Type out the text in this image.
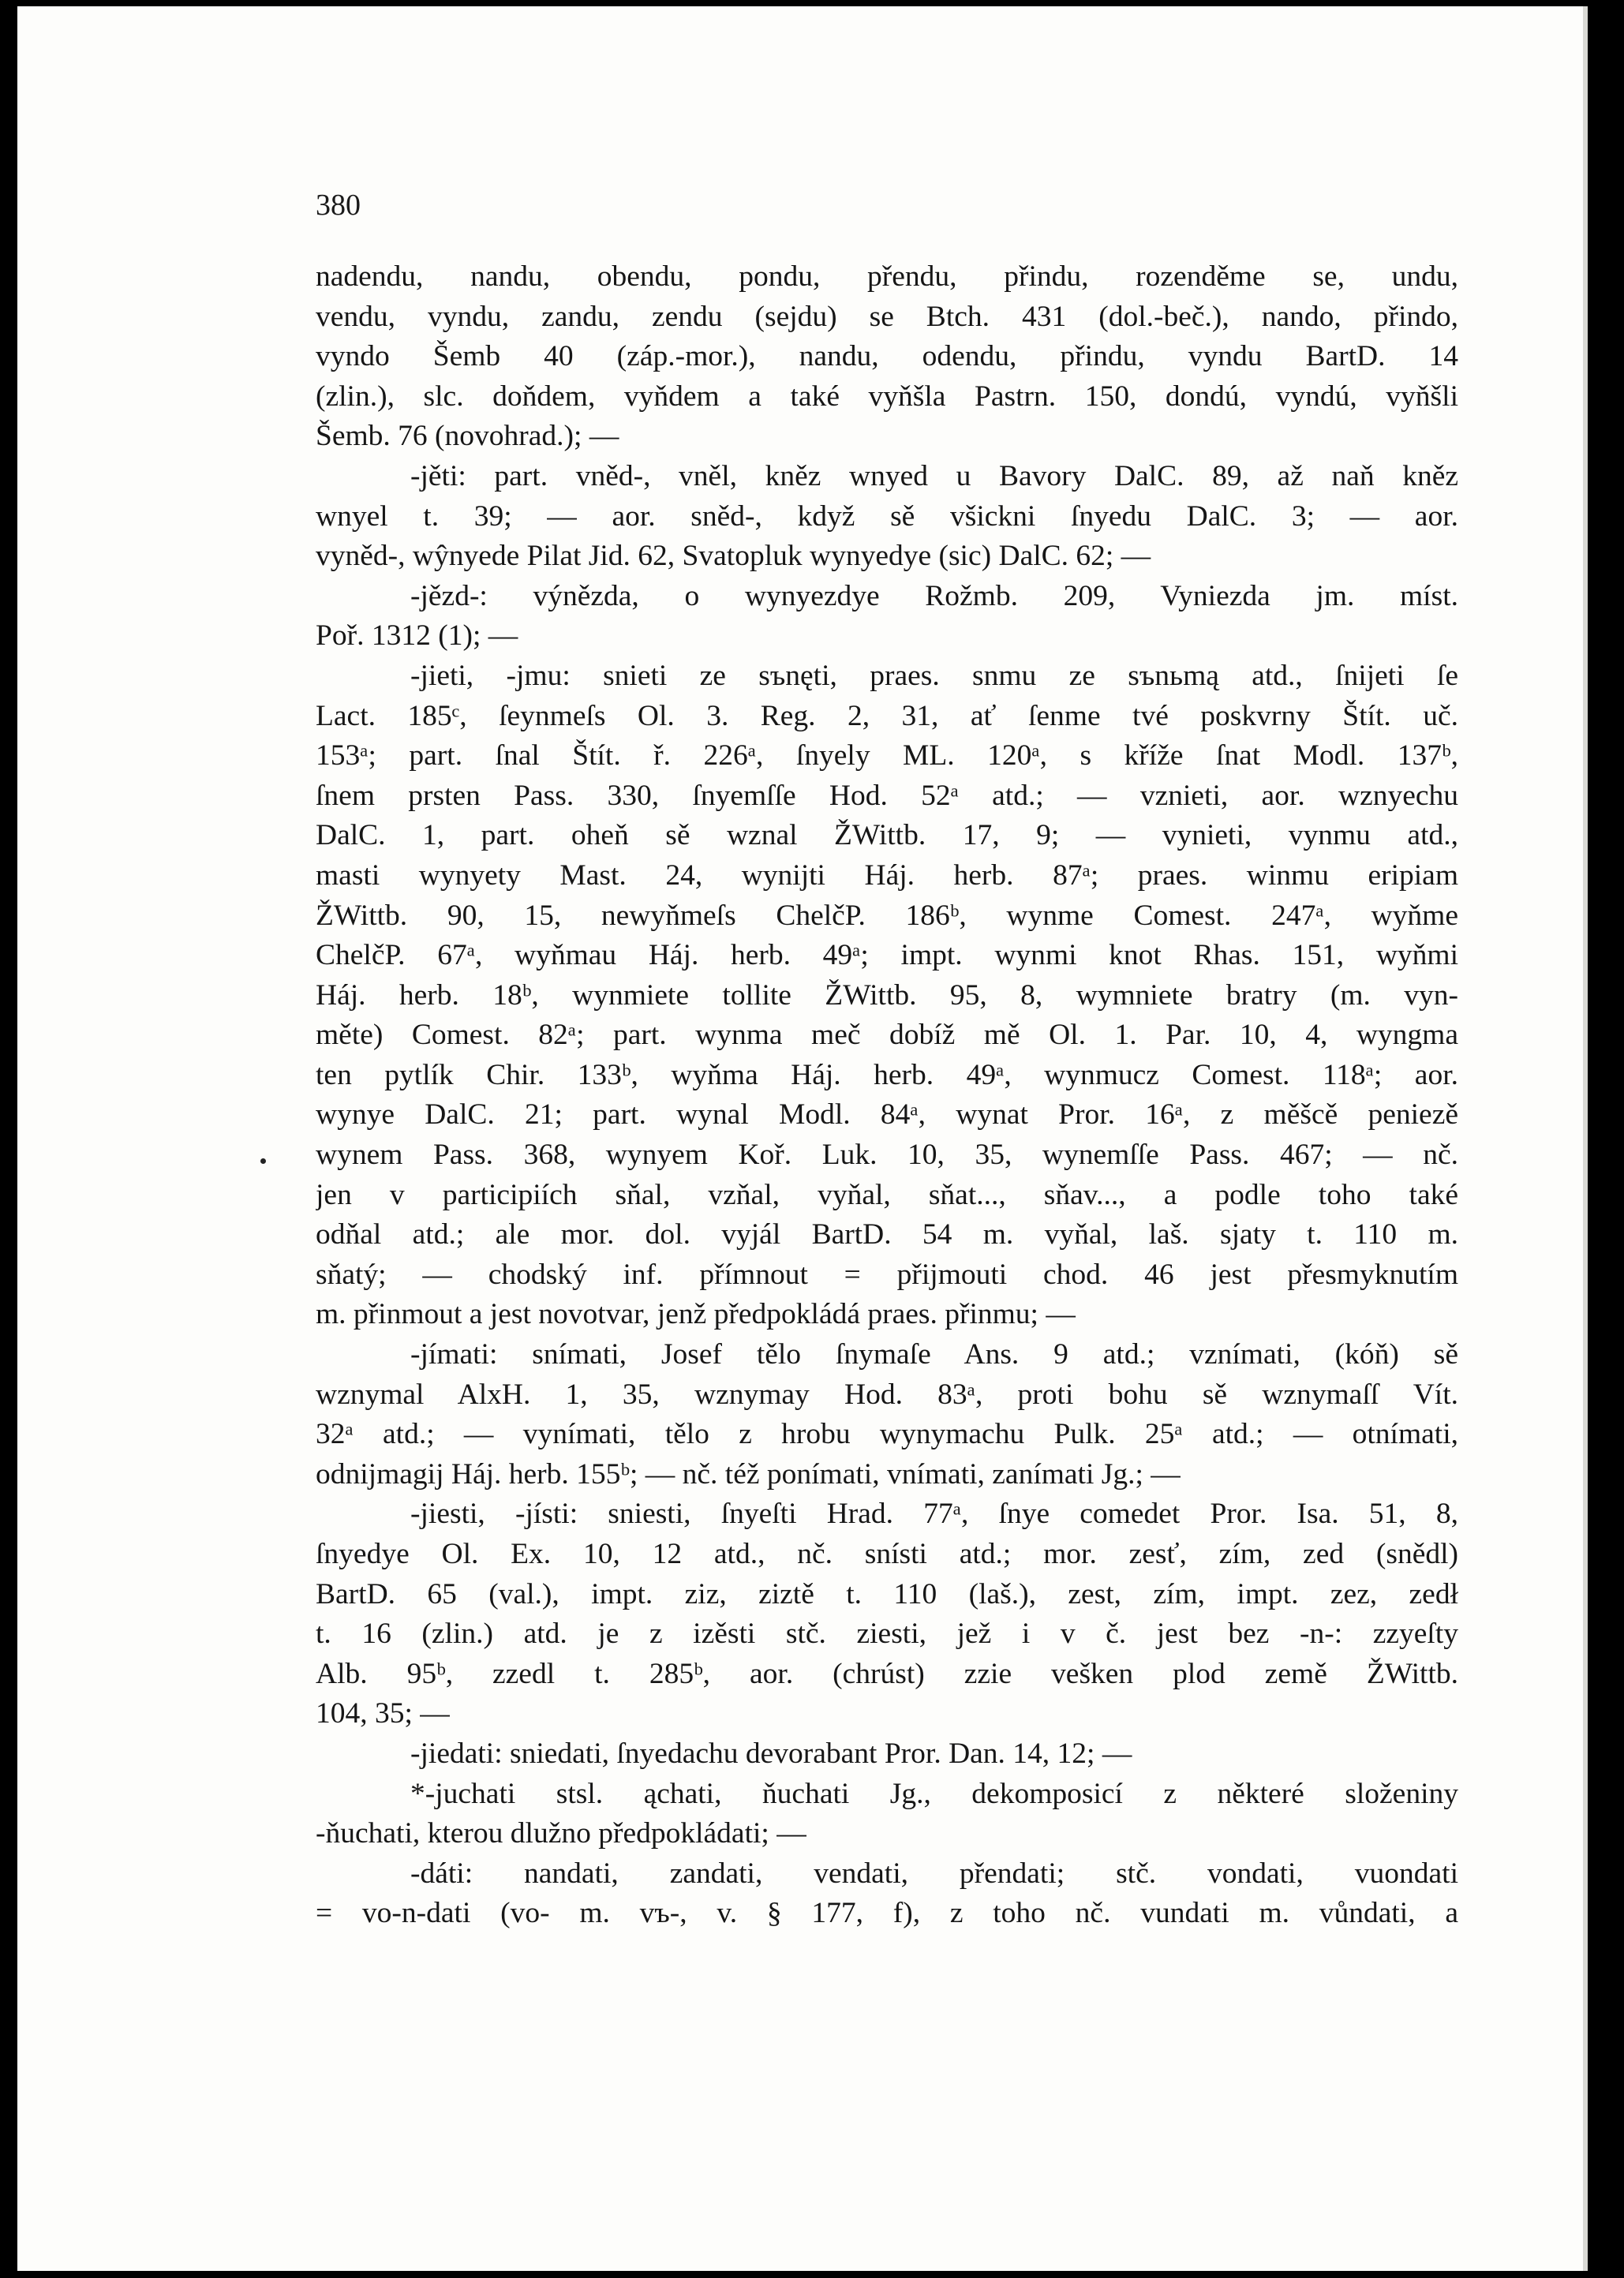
380
nadendu, nandu, obendu, pondu, přendu, přindu, rozenděme se, undu,
vendu, vyndu, zandu, zendu (sejdu) se Btch. 431 (dol.-beč.), nando, přindo,
vyndo Šemb 40 (záp.-mor.), nandu, odendu, přindu, vyndu BartD. 14
(zlin.), slc. doňdem, vyňdem a také vyňšla Pastrn. 150, dondú, vyndú, vyňšli
Šemb. 76 (novohrad.); —
-jěti: part. vněd-, vněl, kněz wnyed u Bavory DalC. 89, až naň kněz
wnyel t. 39; — aor. sněd-, když sě všickni ſnyedu DalC. 3; — aor.
vyněd-, wŷnyede Pilat Jid. 62, Svatopluk wynyedye (sic) DalC. 62; —
-jězd-: výnězda, o wynyezdye Rožmb. 209, Vyniezda jm. míst.
Poř. 1312 (1); —
-jieti, -jmu: snieti ze sъnęti, praes. snmu ze sъnьmą atd., ſnijeti ſe
Lact. 185ᶜ, ſeynmeſs Ol. 3. Reg. 2, 31, ať ſenme tvé poskvrny Štít. uč.
153ᵃ; part. ſnal Štít. ř. 226ᵃ, ſnyely ML. 120ᵃ, s kříže ſnat Modl. 137ᵇ,
ſnem prsten Pass. 330, ſnyemſſe Hod. 52ᵃ atd.; — vznieti, aor. wznyechu
DalC. 1, part. oheň sě wznal ŽWittb. 17, 9; — vynieti, vynmu atd.,
masti wynyety Mast. 24, wynijti Háj. herb. 87ᵃ; praes. winmu eripiam
ŽWittb. 90, 15, newyňmeſs ChelčP. 186ᵇ, wynme Comest. 247ᵃ, wyňme
ChelčP. 67ᵃ, wyňmau Háj. herb. 49ᵃ; impt. wynmi knot Rhas. 151, wyňmi
Háj. herb. 18ᵇ, wynmiete tollite ŽWittb. 95, 8, wymniete bratry (m. vyn-
měte) Comest. 82ᵃ; part. wynma meč dobíž mě Ol. 1. Par. 10, 4, wyngma
ten pytlík Chir. 133ᵇ, wyňma Háj. herb. 49ᵃ, wynmucz Comest. 118ᵃ; aor.
wynye DalC. 21; part. wynal Modl. 84ᵃ, wynat Pror. 16ᵃ, z měšcě peniezě
wynem Pass. 368, wynyem Koř. Luk. 10, 35, wynemſſe Pass. 467; — nč.
jen v participiích sňal, vzňal, vyňal, sňat..., sňav..., a podle toho také
odňal atd.; ale mor. dol. vyjál BartD. 54 m. vyňal, laš. sjaty t. 110 m.
sňatý; — chodský inf. přímnout = přijmouti chod. 46 jest přesmyknutím
m. přinmout a jest novotvar, jenž předpokládá praes. přinmu; —
-jímati: snímati, Josef tělo ſnymaſe Ans. 9 atd.; vznímati, (kóň) sě
wznymal AlxH. 1, 35, wznymay Hod. 83ᵃ, proti bohu sě wznymaſſ Vít.
32ᵃ atd.; — vynímati, tělo z hrobu wynymachu Pulk. 25ᵃ atd.; — otnímati,
odnijmagij Háj. herb. 155ᵇ; — nč. též ponímati, vnímati, zanímati Jg.; —
-jiesti, -jísti: sniesti, ſnyeſti Hrad. 77ᵃ, ſnye comedet Pror. Isa. 51, 8,
ſnyedye Ol. Ex. 10, 12 atd., nč. snísti atd.; mor. zesť, zím, zed (snědl)
BartD. 65 (val.), impt. ziz, ziztě t. 110 (laš.), zest, zím, impt. zez, zedł
t. 16 (zlin.) atd. je z izěsti stč. ziesti, jež i v č. jest bez -n-: zzyeſty
Alb. 95ᵇ, zzedl t. 285ᵇ, aor. (chrúst) zzie vešken plod země ŽWittb.
104, 35; —
-jiedati: sniedati, ſnyedachu devorabant Pror. Dan. 14, 12; —
*-juchati stsl. ąchati, ňuchati Jg., dekomposicí z některé složeniny
-ňuchati, kterou dlužno předpokládati; —
-dáti: nandati, zandati, vendati, přendati; stč. vondati, vuondati
= vo-n-dati (vo- m. vъ-, v. § 177, f), z toho nč. vundati m. vůndati, a
